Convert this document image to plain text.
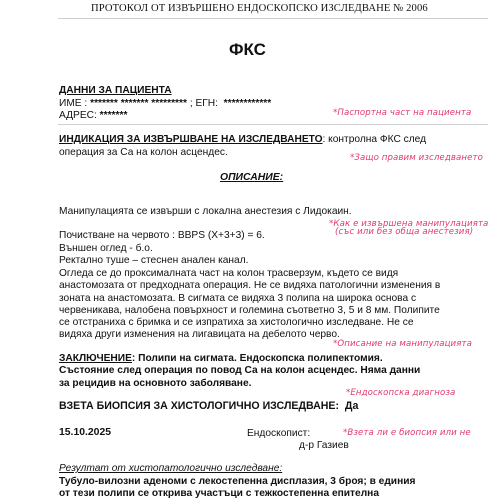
ПРОТОКОЛ ОТ ИЗВЪРШЕНО ЕНДОСКОПСКО ИЗСЛЕДВАНЕ № 2006
ФКС
ДАННИ ЗА ПАЦИЕНТА
ИМЕ : ******* ******* ********* ; ЕГН: ************
АДРЕС: *******	*Паспортна част на пациента
ИНДИКАЦИЯ ЗА ИЗВЪРШВАНЕ НА ИЗСЛЕДВАНЕТО: контролна ФКС след
операция за Са на колон асцендес.	*Защо правим изследването
ОПИСАНИЕ:
Манипулацията се извърши с локална анестезия с Лидокаин.
*Как е извършена манипулацията
(със или без обща анестезия)
Почистване на червото : BBPS (X+3+3) = 6.
Външен оглед - б.о.
Ректално туше – стеснен анален канал.
Огледа се до проксималната част на колон трасверзум, където се видя
анастомозата от предходната операция. Не се видяха патологични изменения в
зоната на анастомозата. В сигмата се видяха 3 полипа на широка основа с
червеникава, налобена повърхност и големина съответно 3, 5 и 8 мм. Полипите
се отстраниха с бримка и се изпратиха за хистологично изследване. Не се
видяха други изменения на лигавицата на дебелото черво.
*Описание на манипулацията
ЗАКЛЮЧЕНИЕ: Полипи на сигмата. Ендоскопска полипектомия.
Състояние след операция по повод Са на колон асцендес. Няма данни
за рецидив на основното заболяване.
*Ендоскопска диагноза
ВЗЕТА БИОПСИЯ ЗА ХИСТОЛОГИЧНО ИЗСЛЕДВАНЕ: Да
15.10.2025	Ендоскопист:	*Взета ли е биопсия или не
д-р Газиев
Резултат от хистопатологично изследване:
Тубуло-вилозни аденоми с лекостепенна дисплазия, 3 броя; в единия
от тези полипи се открива участъци с тежкостепенна епителна
